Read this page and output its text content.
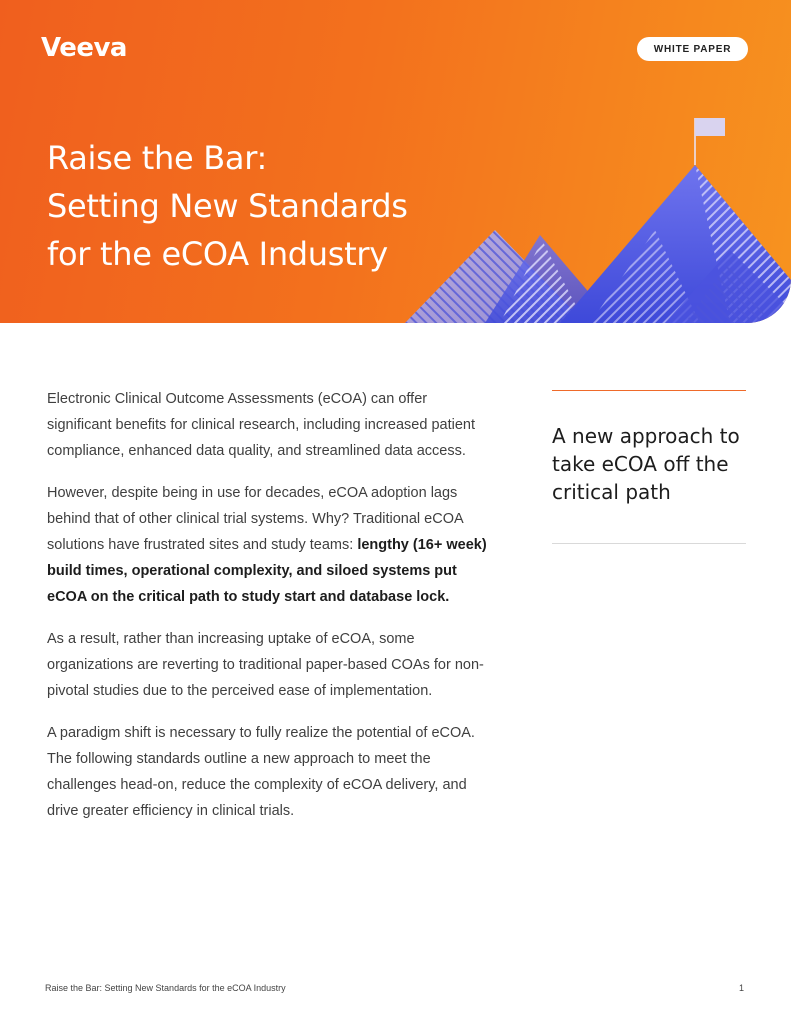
Veeva	WHITE PAPER
Raise the Bar:
Setting New Standards
for the eCOA Industry

Electronic Clinical Outcome Assessments (eCOA) can offer significant benefits for clinical research, including increased patient compliance, enhanced data quality, and streamlined data access.

However, despite being in use for decades, eCOA adoption lags behind that of other clinical trial systems. Why? Traditional eCOA solutions have frustrated sites and study teams: lengthy (16+ week) build times, operational complexity, and siloed systems put eCOA on the critical path to study start and database lock.

As a result, rather than increasing uptake of eCOA, some organizations are reverting to traditional paper-based COAs for non-pivotal studies due to the perceived ease of implementation.

A paradigm shift is necessary to fully realize the potential of eCOA. The following standards outline a new approach to meet the challenges head-on, reduce the complexity of eCOA delivery, and drive greater efficiency in clinical trials.

A new approach to take eCOA off the critical path
Raise the Bar: Setting New Standards for the eCOA Industry	1
